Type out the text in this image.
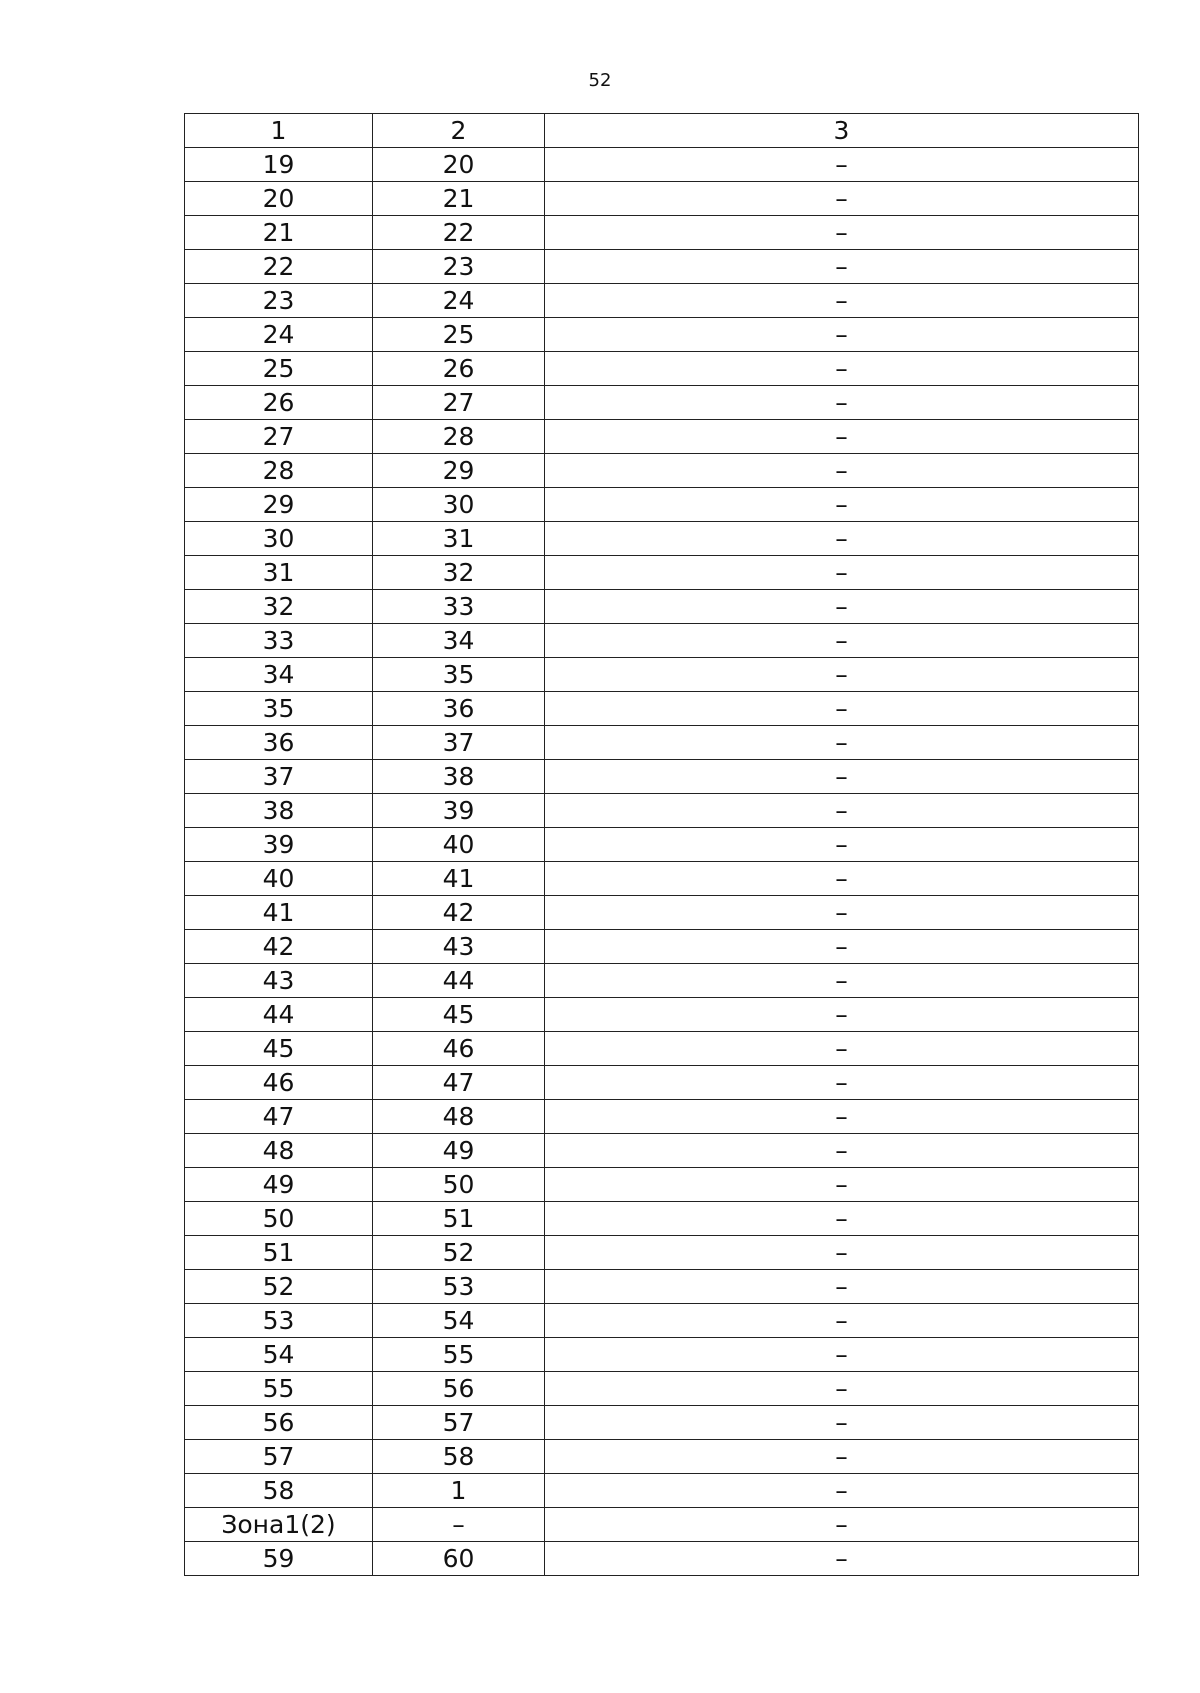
52
1	2	3
19	20	–
20	21	–
21	22	–
22	23	–
23	24	–
24	25	–
25	26	–
26	27	–
27	28	–
28	29	–
29	30	–
30	31	–
31	32	–
32	33	–
33	34	–
34	35	–
35	36	–
36	37	–
37	38	–
38	39	–
39	40	–
40	41	–
41	42	–
42	43	–
43	44	–
44	45	–
45	46	–
46	47	–
47	48	–
48	49	–
49	50	–
50	51	–
51	52	–
52	53	–
53	54	–
54	55	–
55	56	–
56	57	–
57	58	–
58	1	–
Зона1(2)	–	–
59	60	–
